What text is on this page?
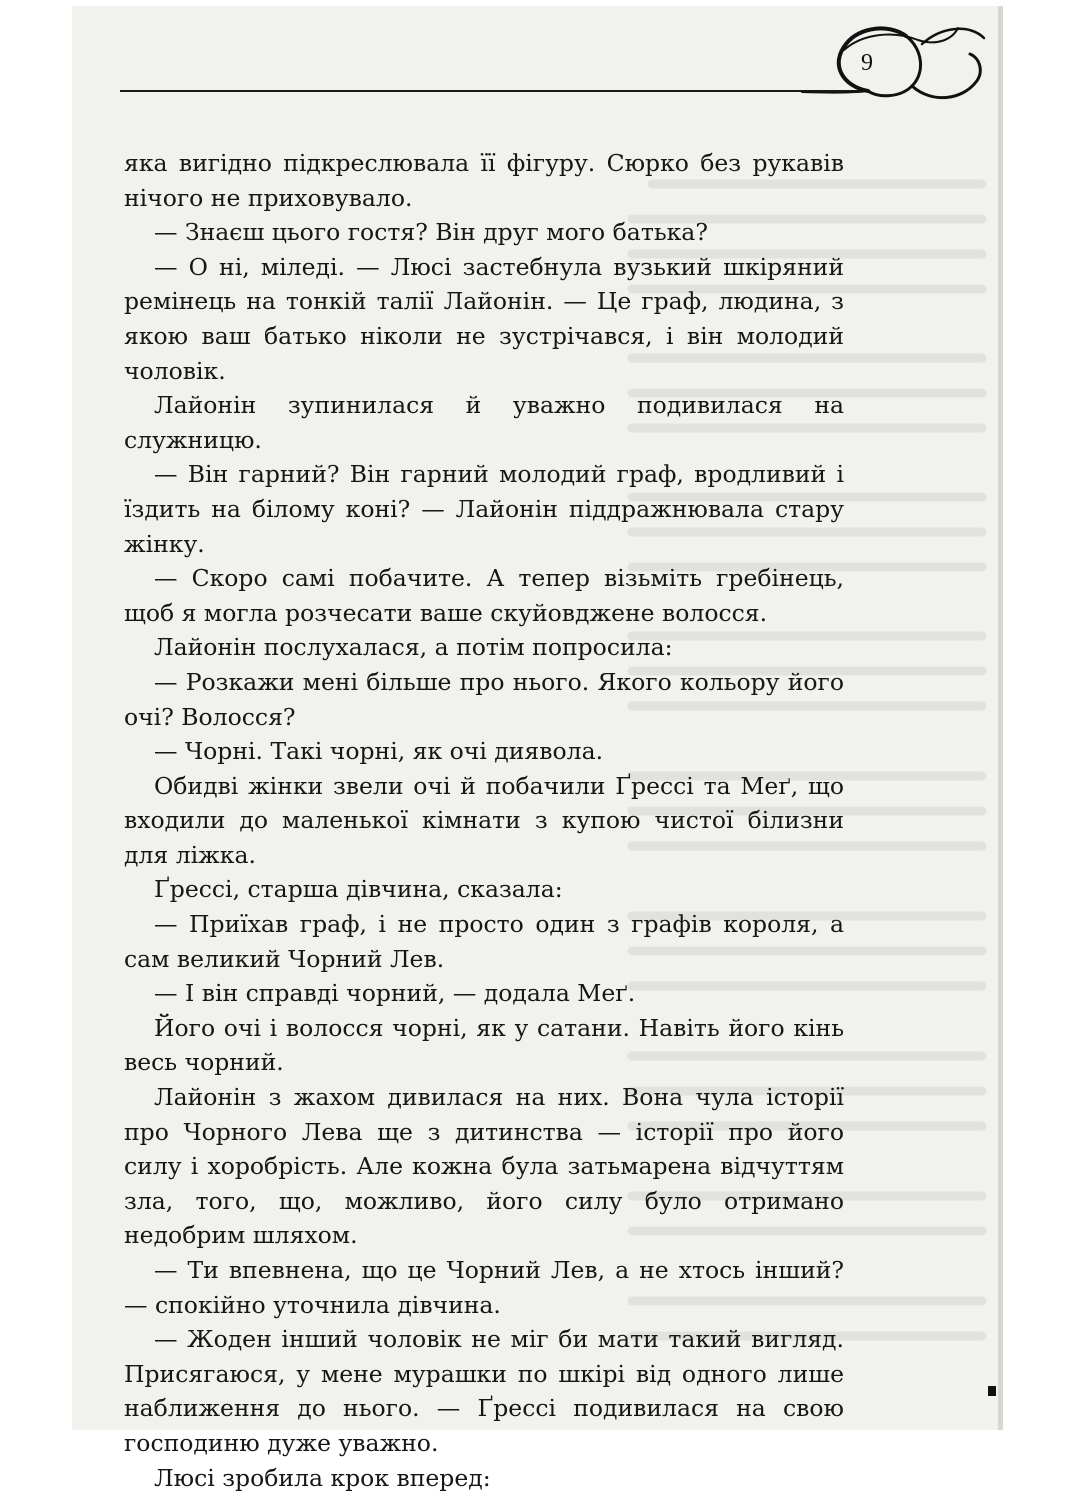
9

яка вигідно підкреслювала її фігуру. Сюрко без рукавів нічого не приховувало.

— Знаєш цього гостя? Він друг мого батька?

— О ні, міледі. — Люсі застебнула вузький шкіряний ремінець на тонкій талії Лайонін. — Це граф, людина, з якою ваш батько ніколи не зустрічався, і він молодий чоловік.

Лайонін зупинилася й уважно подивилася на служницю.

— Він гарний? Він гарний молодий граф, вродливий і їздить на білому коні? — Лайонін піддражнювала стару жінку.

— Скоро самі побачите. А тепер візьміть гребінець, щоб я могла розчесати ваше скуйовджене волосся.

Лайонін послухалася, а потім попросила:

— Розкажи мені більше про нього. Якого кольору його очі? Волосся?

— Чорні. Такі чорні, як очі диявола.

Обидві жінки звели очі й побачили Ґрессі та Меґ, що входили до маленької кімнати з купою чистої білизни для ліжка.

Ґрессі, старша дівчина, сказала:

— Приїхав граф, і не просто один з графів короля, а сам великий Чорний Лев.

— І він справді чорний, — додала Меґ.

Його очі і волосся чорні, як у сатани. Навіть його кінь весь чорний.

Лайонін з жахом дивилася на них. Вона чула історії про Чорного Лева ще з дитинства — історії про його силу і хоробрість. Але кожна була затьмарена відчуттям зла, того, що, можливо, його силу було отримано недобрим шляхом.

— Ти впевнена, що це Чорний Лев, а не хтось інший? — спокійно уточнила дівчина.

— Жоден інший чоловік не міг би мати такий вигляд. Присягаюся, у мене мурашки по шкірі від одного лише наближення до нього. — Ґрессі подивилася на свою господиню дуже уважно.

Люсі зробила крок вперед:
